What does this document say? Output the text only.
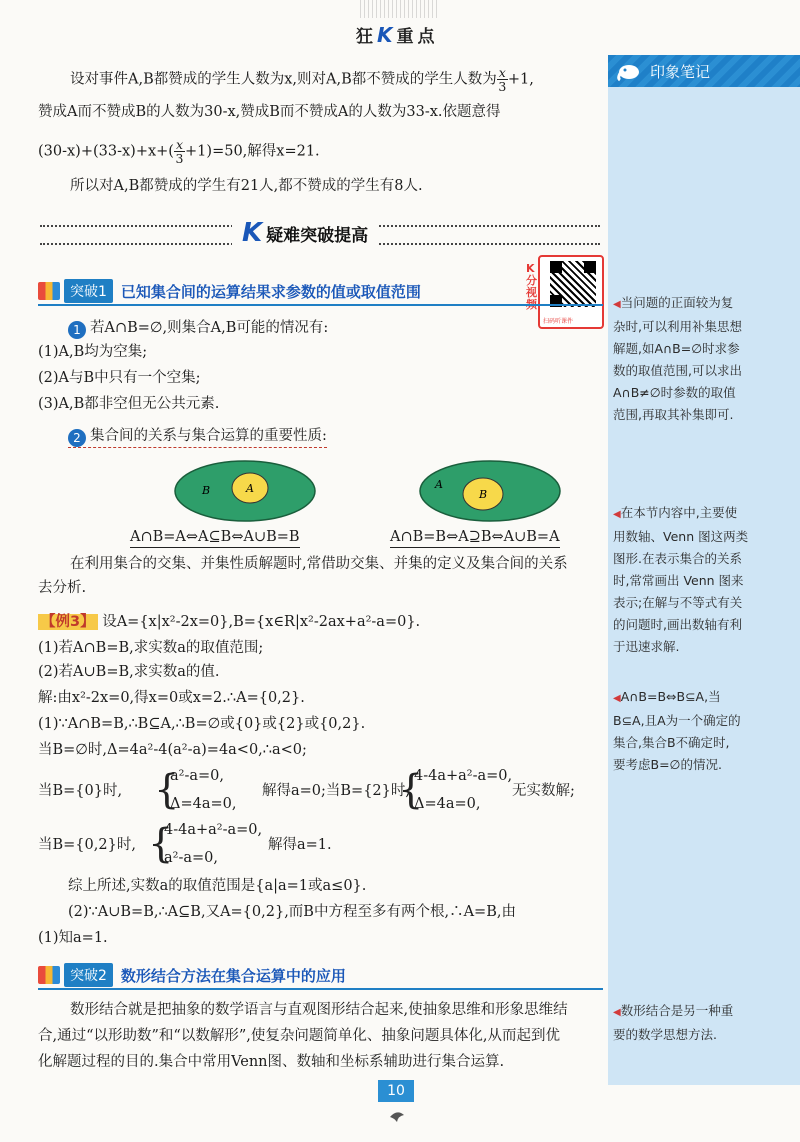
狂K重点
印象笔记
◀当问题的正面较为复
杂时,可以利用补集思想
解题,如A∩B=∅时求参
数的取值范围,可以求出
A∩B≠∅时参数的取值
范围,再取其补集即可.
◀在本节内容中,主要使
用数轴、Venn 图这两类
图形.在表示集合的关系
时,常常画出 Venn 图来
表示;在解与不等式有关
的问题时,画出数轴有利
于迅速求解.
◀A∩B=B⇔B⊆A,当
B⊆A,且A为一个确定的
集合,集合B不确定时,
要考虑B=∅的情况.
◀数形结合是另一种重
要的数学思想方法.
设对事件A,B都赞成的学生人数为x,则对A,B都不赞成的学生人数为 $\frac{x}{3} +1$,
赞成A而不赞成B的人数为30-x,赞成B而不赞成A的人数为33-x.依题意得
$(30-x)+(33-x)+x+( \frac{x}{3} +1)=50$,解得x=21.
所以对A,B都赞成的学生有21人,都不赞成的学生有8人.
K疑难突破提高
K分视频
扫码听课件
突破1 已知集合间的运算结果求参数的值或取值范围
1 若A∩B=∅,则集合A,B可能的情况有:
(1)A,B均为空集;
(2)A与B中只有一个空集;
(3)A,B都非空但无公共元素.
2 集合间的关系与集合运算的重要性质:
B	A	A
B
A∩B=A⇔A⊆B⇔A∪B=B	A∩B=B⇔A⊇B⇔A∪B=A
在利用集合的交集、并集性质解题时,常借助交集、并集的定义及集合间的关系
去分析.
【例3】 设A={x|x²-2x=0},B={x∈R|x²-2ax+a²-a=0}.
(1)若A∩B=B,求实数a的取值范围;
(2)若A∪B=B,求实数a的值.
解:由x²-2x=0,得x=0或x=2.∴A={0,2}.
(1)∵A∩B=B,∴B⊆A,∴B=∅或{0}或{2}或{0,2}.
当B=∅时,Δ=4a²-4(a²-a)=4a<0,∴a<0;
当B={0}时, {
a²-a=0,
Δ=4a=0,
解得a=0;当B={2}时,
{
4-4a+a²-a=0,
Δ=4a=0,
无实数解;
当B={0,2}时, {
4-4a+a²-a=0,
a²-a=0,
解得a=1.
综上所述,实数a的取值范围是{a|a=1或a≤0}.
(2)∵A∪B=B,∴A⊆B,又A={0,2},而B中方程至多有两个根,∴A=B,由
(1)知a=1.
突破2 数形结合方法在集合运算中的应用
数形结合就是把抽象的数学语言与直观图形结合起来,使抽象思维和形象思维结
合,通过“以形助数”和“以数解形”,使复杂问题简单化、抽象问题具体化,从而起到优
化解题过程的目的.集合中常用Venn图、数轴和坐标系辅助进行集合运算.
10
